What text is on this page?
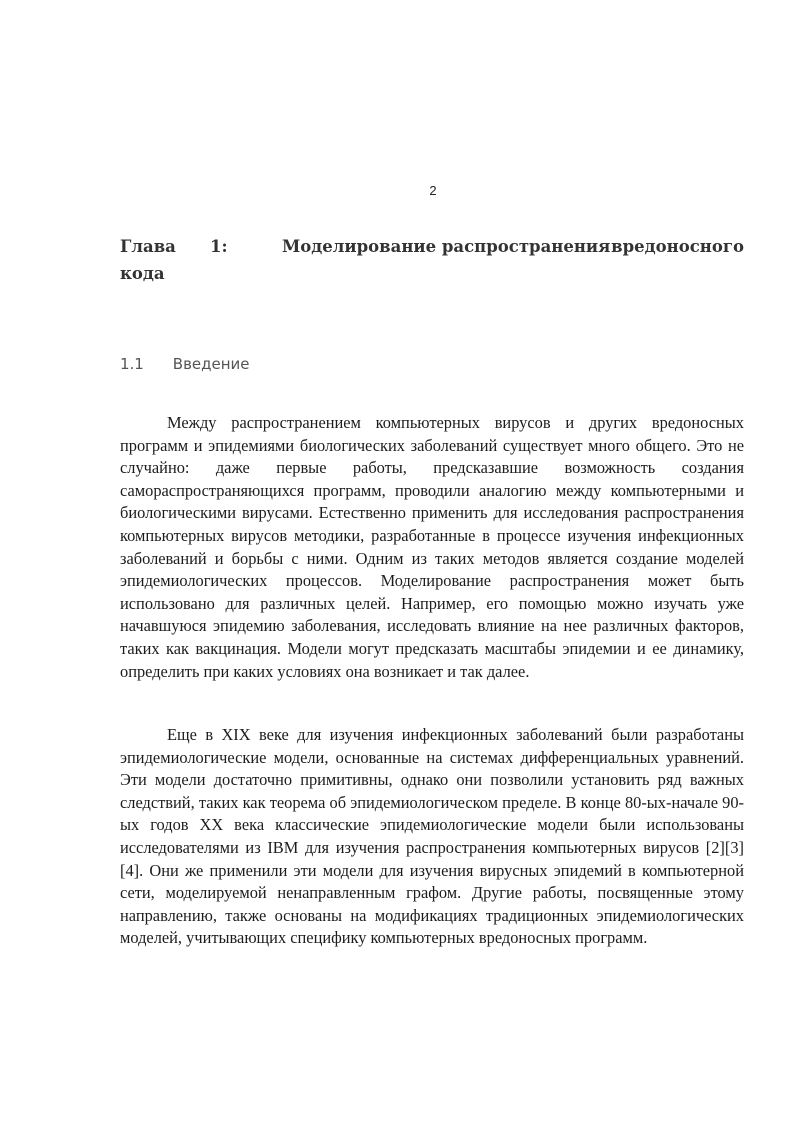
2
Глава	1:	Моделирование распространения вредоносного
кода
1.1 Введение

Между распространением компьютерных вирусов и других вредоносных программ и эпидемиями биологических заболеваний существует много общего. Это не случайно: даже первые работы, предсказавшие возможность создания самораспространяющихся программ, проводили аналогию между компьютерными и биологическими вирусами. Естественно применить для исследования распространения компьютерных вирусов методики, разработанные в процессе изучения инфекционных заболеваний и борьбы с ними. Одним из таких методов является создание моделей эпидемиологических процессов. Моделирование распространения может быть использовано для различных целей. Например, его помощью можно изучать уже начавшуюся эпидемию заболевания, исследовать влияние на нее различных факторов, таких как вакцинация. Модели могут предсказать масштабы эпидемии и ее динамику, определить при каких условиях она возникает и так далее.

Еще в XIX веке для изучения инфекционных заболеваний были разработаны эпидемиологические модели, основанные на системах дифференциальных уравнений. Эти модели достаточно примитивны, однако они позволили установить ряд важных следствий, таких как теорема об эпидемиологическом пределе. В конце 80-ых-начале 90-ых годов XX века классические эпидемиологические модели были использованы исследователями из IBM для изучения распространения компьютерных вирусов [2][3][4]. Они же применили эти модели для изучения вирусных эпидемий в компьютерной сети, моделируемой ненаправленным графом. Другие работы, посвященные этому направлению, также основаны на модификациях традиционных эпидемиологических моделей, учитывающих специфику компьютерных вредоносных программ.
